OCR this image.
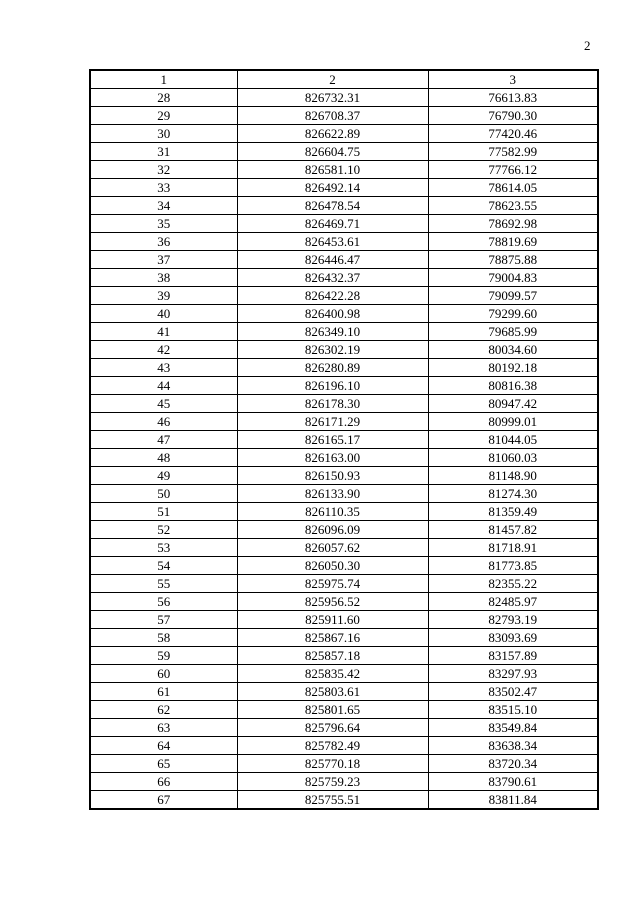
2
1	2	3
28	826732.31	76613.83
29	826708.37	76790.30
30	826622.89	77420.46
31	826604.75	77582.99
32	826581.10	77766.12
33	826492.14	78614.05
34	826478.54	78623.55
35	826469.71	78692.98
36	826453.61	78819.69
37	826446.47	78875.88
38	826432.37	79004.83
39	826422.28	79099.57
40	826400.98	79299.60
41	826349.10	79685.99
42	826302.19	80034.60
43	826280.89	80192.18
44	826196.10	80816.38
45	826178.30	80947.42
46	826171.29	80999.01
47	826165.17	81044.05
48	826163.00	81060.03
49	826150.93	81148.90
50	826133.90	81274.30
51	826110.35	81359.49
52	826096.09	81457.82
53	826057.62	81718.91
54	826050.30	81773.85
55	825975.74	82355.22
56	825956.52	82485.97
57	825911.60	82793.19
58	825867.16	83093.69
59	825857.18	83157.89
60	825835.42	83297.93
61	825803.61	83502.47
62	825801.65	83515.10
63	825796.64	83549.84
64	825782.49	83638.34
65	825770.18	83720.34
66	825759.23	83790.61
67	825755.51	83811.84
